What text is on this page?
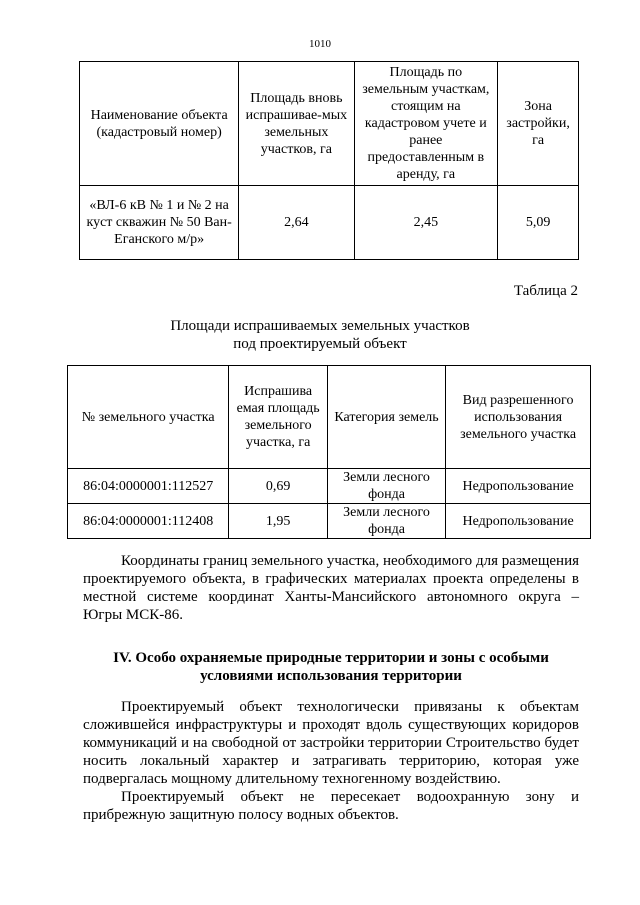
1010
Наименование объекта (кадастровый номер)	Площадь вновь испрашивае-мых земельных участков, га	Площадь по земельным участкам, стоящим на кадастровом учете и ранее предоставленным в аренду, га	Зона застройки, га
«ВЛ-6 кВ № 1 и № 2 на куст скважин № 50 Ван-Еганского м/р»	2,64	2,45	5,09
Таблица 2
Площади испрашиваемых земельных участков
под проектируемый объект
№ земельного участка	Испрашива емая площадь земельного участка, га	Категория земель	Вид разрешенного использования земельного участка
86:04:0000001:112527	0,69	Земли лесного фонда	Недропользование
86:04:0000001:112408	1,95	Земли лесного фонда	Недропользование

Координаты границ земельного участка, необходимого для размещения проектируемого объекта, в графических материалах проекта определены в местной системе координат Ханты-Мансийского автономного округа – Югры МСК-86.

IV. Особо охраняемые природные территории и зоны с особыми условиями использования территории

Проектируемый объект технологически привязаны к объектам сложившейся инфраструктуры и проходят вдоль существующих коридоров коммуникаций и на свободной от застройки территории Строительство будет носить локальный характер и затрагивать территорию, которая уже подвергалась мощному длительному техногенному воздействию.

Проектируемый объект не пересекает водоохранную зону и прибрежную защитную полосу водных объектов.
